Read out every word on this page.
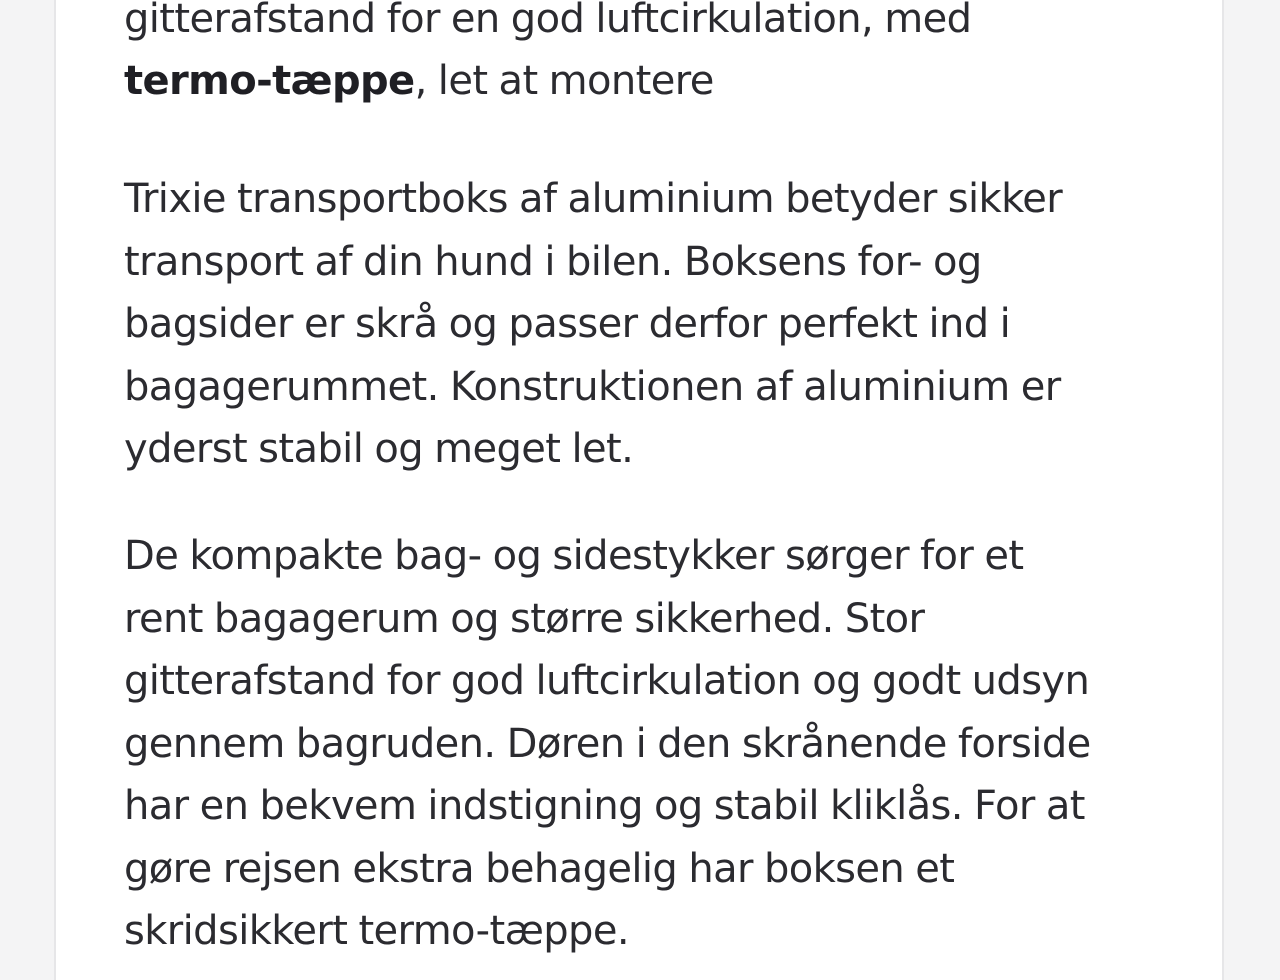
gitterafstand for en god luftcirkulation, med
termo-tæppe, let at montere

Trixie transportboks af aluminium betyder sikker
transport af din hund i bilen. Boksens for- og
bagsider er skrå og passer derfor perfekt ind i
bagagerummet. Konstruktionen af aluminium er
yderst stabil og meget let.

De kompakte bag- og sidestykker sørger for et
rent bagagerum og større sikkerhed. Stor
gitterafstand for god luftcirkulation og godt udsyn
gennem bagruden. Døren i den skrånende forside
har en bekvem indstigning og stabil kliklås. For at
gøre rejsen ekstra behagelig har boksen et
skridsikkert termo-tæppe.
